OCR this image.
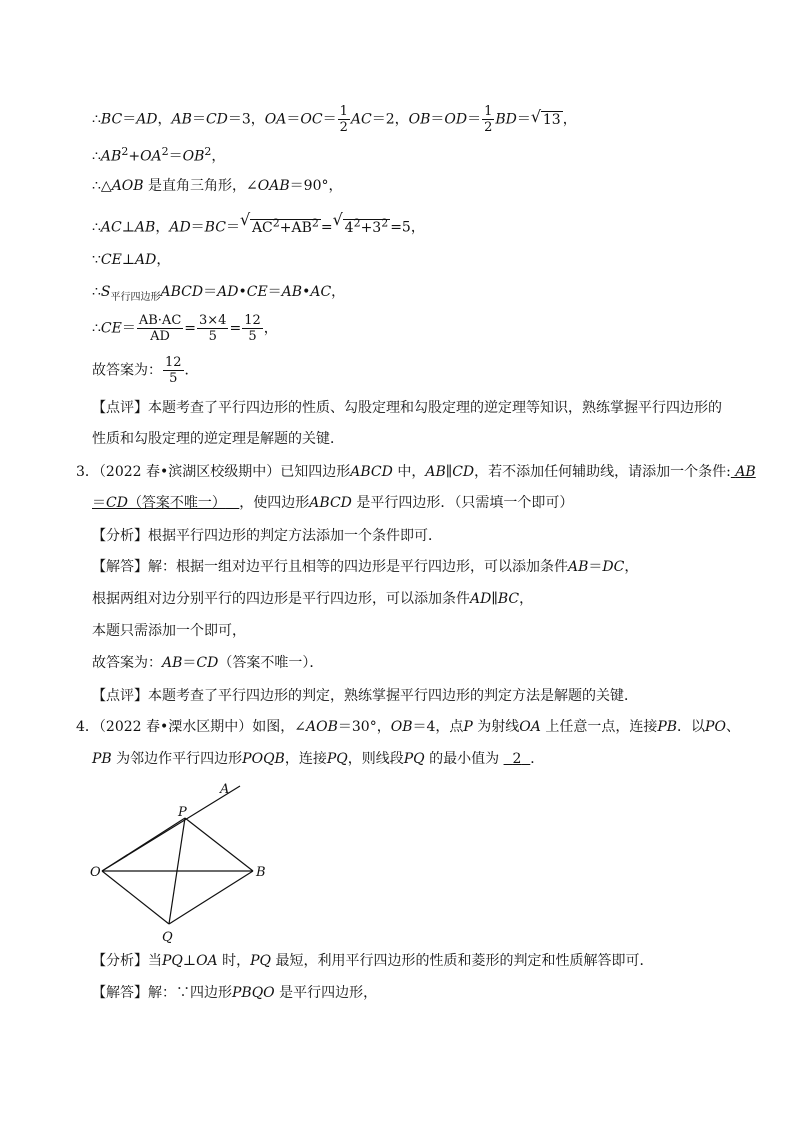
∴BC＝AD，AB＝CD＝3，$OA=OC= \frac{1}{2} AC=2$，$OB=OD= \frac{1}{2} BD=$ √ 13 ，
$\therefore AB^2+OA^2=OB^2$，
∴△AOB 是直角三角形，∠OAB＝90°，
∴AC⊥AB，AD＝BC＝ √ $AC^2+AB^2$ = √ $4^2+3^2 =5$，
∵CE⊥AD，
$\therefore S_{平行四边形}ABCD=AD•CE=AB•AC$，
∴CE＝ $\frac{AB\cdot AC}{AD} = \frac{3\times 4}{5} = \frac{12}{5}$ ，
故答案为： $\frac{12}{5}$ ．
【点评】本题考查了平行四边形的性质、勾股定理和勾股定理的逆定理等知识，熟练掌握平行四边形的
性质和勾股定理的逆定理是解题的关键．
3．（2022 春•滨湖区校级期中）已知四边形ABCD 中，AB∥CD，若不添加任何辅助线，请添加一个条件: AB
＝CD（答案不唯一） ，使四边形ABCD 是平行四边形．（只需填一个即可）
【分析】根据平行四边形的判定方法添加一个条件即可．
【解答】解：根据一组对边平行且相等的四边形是平行四边形，可以添加条件AB＝DC，
根据两组对边分别平行的四边形是平行四边形，可以添加条件AD∥BC，
本题只需添加一个即可，
故答案为：AB＝CD（答案不唯一）．
【点评】本题考查了平行四边形的判定，熟练掌握平行四边形的判定方法是解题的关键．
4．（2022 春•溧水区期中）如图，∠AOB＝30°，OB＝4，点P 为射线OA 上任意一点，连接PB．以PO、
PB 为邻边作平行四边形POQB，连接PQ，则线段PQ 的最小值为 2 ．
A
P
O	B
Q
【分析】当PQ⊥OA 时，PQ 最短，利用平行四边形的性质和菱形的判定和性质解答即可．
【解答】解：∵四边形PBQO 是平行四边形，
